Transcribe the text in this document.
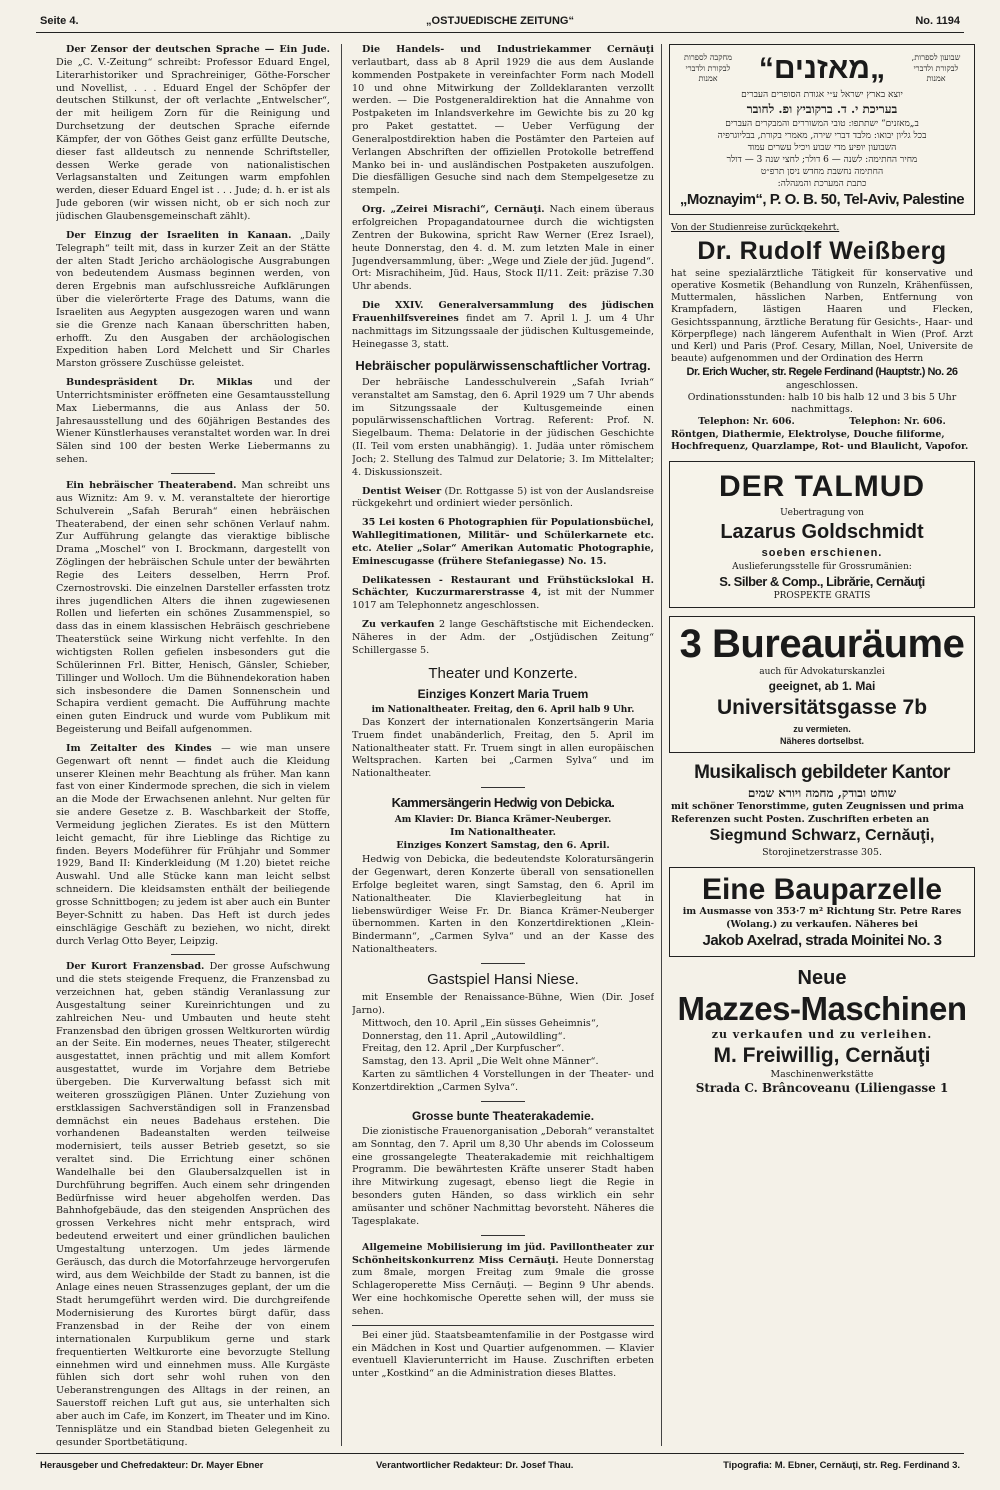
Seite 4.	„OSTJUEDISCHE ZEITUNG“	No. 1194

Der Zensor der deutschen Sprache — Ein Jude. Die „C. V.-Zeitung“ schreibt: Professor Eduard Engel, Literarhistoriker und Sprachreiniger, Göthe-Forscher und Novellist, . . . Eduard Engel der Schöpfer der deutschen Stilkunst, der oft verlachte „Entwelscher“, der mit heiligem Zorn für die Reinigung und Durchsetzung der deutschen Sprache eifernde Kämpfer, der von Göthes Geist ganz erfüllte Deutsche, dieser fast alldeutsch zu nennende Schriftsteller, dessen Werke gerade von nationalistischen Verlagsanstalten und Zeitungen warm empfohlen werden, dieser Eduard Engel ist . . . Jude; d. h. er ist als Jude geboren (wir wissen nicht, ob er sich noch zur jüdischen Glaubensgemeinschaft zählt).

Der Einzug der Israeliten in Kanaan. „Daily Telegraph“ teilt mit, dass in kurzer Zeit an der Stätte der alten Stadt Jericho archäologische Ausgrabungen von bedeutendem Ausmass beginnen werden, von deren Ergebnis man aufschlussreiche Aufklärungen über die vielerörterte Frage des Datums, wann die Israeliten aus Aegypten ausgezogen waren und wann sie die Grenze nach Kanaan überschritten haben, erhofft. Zu den Ausgaben der archäologischen Expedition haben Lord Melchett und Sir Charles Marston grössere Zuschüsse geleistet.

Bundespräsident Dr. Miklas und der Unterrichtsminister eröffneten eine Gesamtausstellung Max Liebermanns, die aus Anlass der 50. Jahresausstellung und des 60jährigen Bestandes des Wiener Künstlerhauses veranstaltet worden war. In drei Sälen sind 100 der besten Werke Liebermanns zu sehen.

Ein hebräischer Theaterabend. Man schreibt uns aus Wiznitz: Am 9. v. M. veranstaltete der hierortige Schulverein „Safah Berurah“ einen hebräischen Theaterabend, der einen sehr schönen Verlauf nahm. Zur Aufführung gelangte das vieraktige biblische Drama „Moschel“ von I. Brockmann, dargestellt von Zöglingen der hebräischen Schule unter der bewährten Regie des Leiters desselben, Herrn Prof. Czernostrovski. Die einzelnen Darsteller erfassten trotz ihres jugendlichen Alters die ihnen zugewiesenen Rollen und lieferten ein schönes Zusammenspiel, so dass das in einem klassischen Hebräisch geschriebene Theaterstück seine Wirkung nicht verfehlte. In den wichtigsten Rollen gefielen insbesonders gut die Schülerinnen Frl. Bitter, Henisch, Gänsler, Schieber, Tillinger und Wolloch. Um die Bühnendekoration haben sich insbesondere die Damen Sonnenschein und Schapira verdient gemacht. Die Aufführung machte einen guten Eindruck und wurde vom Publikum mit Begeisterung und Beifall aufgenommen.

Im Zeitalter des Kindes — wie man unsere Gegenwart oft nennt — findet auch die Kleidung unserer Kleinen mehr Beachtung als früher. Man kann fast von einer Kindermode sprechen, die sich in vielem an die Mode der Erwachsenen anlehnt. Nur gelten für sie andere Gesetze z. B. Waschbarkeit der Stoffe, Vermeidung jeglichen Zierates. Es ist den Müttern leicht gemacht, für ihre Lieblinge das Richtige zu finden. Beyers Modeführer für Frühjahr und Sommer 1929, Band II: Kinderkleidung (M 1.20) bietet reiche Auswahl. Und alle Stücke kann man leicht selbst schneidern. Die kleidsamsten enthält der beiliegende grosse Schnittbogen; zu jedem ist aber auch ein Bunter Beyer-Schnitt zu haben. Das Heft ist durch jedes einschlägige Geschäft zu beziehen, wo nicht, direkt durch Verlag Otto Beyer, Leipzig.

Der Kurort Franzensbad. Der grosse Aufschwung und die stets steigende Frequenz, die Franzensbad zu verzeichnen hat, geben ständig Veranlassung zur Ausgestaltung seiner Kureinrichtungen und zu zahlreichen Neu- und Umbauten und heute steht Franzensbad den übrigen grossen Weltkurorten würdig an der Seite. Ein modernes, neues Theater, stilgerecht ausgestattet, innen prächtig und mit allem Komfort ausgestattet, wurde im Vorjahre dem Betriebe übergeben. Die Kurverwaltung befasst sich mit weiteren grosszügigen Plänen. Unter Zuziehung von erstklassigen Sachverständigen soll in Franzensbad demnächst ein neues Badehaus erstehen. Die vorhandenen Badeanstalten werden teilweise modernisiert, teils ausser Betrieb gesetzt, so sie veraltet sind. Die Errichtung einer schönen Wandelhalle bei den Glaubersalzquellen ist in Durchführung begriffen. Auch einem sehr dringenden Bedürfnisse wird heuer abgeholfen werden. Das Bahnhofgebäude, das den steigenden Ansprüchen des grossen Verkehres nicht mehr entsprach, wird bedeutend erweitert und einer gründlichen baulichen Umgestaltung unterzogen. Um jedes lärmende Geräusch, das durch die Motorfahrzeuge hervorgerufen wird, aus dem Weichbilde der Stadt zu bannen, ist die Anlage eines neuen Strassenzuges geplant, der um die Stadt herumgeführt werden wird. Die durchgreifende Modernisierung des Kurortes bürgt dafür, dass Franzensbad in der Reihe der von einem internationalen Kurpublikum gerne und stark frequentierten Weltkurorte eine bevorzugte Stellung einnehmen wird und einnehmen muss. Alle Kurgäste fühlen sich dort sehr wohl ruhen von den Ueberanstrengungen des Alltags in der reinen, an Sauerstoff reichen Luft gut aus, sie unterhalten sich aber auch im Cafe, im Konzert, im Theater und im Kino. Tennisplätze und ein Standbad bieten Gelegenheit zu gesunder Sportbetätigung.

Die Handels- und Industriekammer Cernăuţi verlautbart, dass ab 8 April 1929 die aus dem Auslande kommenden Postpakete in vereinfachter Form nach Modell 10 und ohne Mitwirkung der Zolldeklaranten verzollt werden. — Die Postgeneraldirektion hat die Annahme von Postpaketen im Inlandsverkehre im Gewichte bis zu 20 kg pro Paket gestattet. — Ueber Verfügung der Generalpostdirektion haben die Postämter den Parteien auf Verlangen Abschriften der offiziellen Protokolle betreffend Manko bei in- und ausländischen Postpaketen auszufolgen. Die diesfälligen Gesuche sind nach dem Stempelgesetze zu stempeln.

Org. „Zeirei Misrachi“, Cernăuţi. Nach einem überaus erfolgreichen Propagandatournee durch die wichtigsten Zentren der Bukowina, spricht Raw Werner (Erez Israel), heute Donnerstag, den 4. d. M. zum letzten Male in einer Jugendversammlung, über: „Wege und Ziele der jüd. Jugend“. Ort: Misrachiheim, Jüd. Haus, Stock II/11. Zeit: präzise 7.30 Uhr abends.

Die XXIV. Generalversammlung des jüdischen Frauenhilfsvereines findet am 7. April l. J. um 4 Uhr nachmittags im Sitzungssaale der jüdischen Kultusgemeinde, Heinegasse 3, statt.

Hebräischer populärwissenschaftlicher Vortrag.

Der hebräische Landesschulverein „Safah Ivriah“ veranstaltet am Samstag, den 6. April 1929 um 7 Uhr abends im Sitzungssaale der Kultusgemeinde einen populärwissenschaftlichen Vortrag. Referent: Prof. N. Siegelbaum. Thema: Delatorie in der jüdischen Geschichte (II. Teil vom ersten unabhängig). 1. Judäa unter römischem Joch; 2. Stellung des Talmud zur Delatorie; 3. Im Mittelalter; 4. Diskussionszeit.

Dentist Weiser (Dr. Rottgasse 5) ist von der Auslandsreise rückgekehrt und ordiniert wieder persönlich.

35 Lei kosten 6 Photographien für Populationsbüchel, Wahllegitimationen, Militär- und Schülerkarnete etc. etc. Atelier „Solar“ Amerikan Automatic Photographie, Eminescugasse (frühere Stefaniegasse) No. 15.

Delikatessen - Restaurant und Frühstückslokal H. Schächter, Kuczurmarerstrasse 4, ist mit der Nummer 1017 am Telephonnetz angeschlossen.

Zu verkaufen 2 lange Geschäftstische mit Eichendecken. Näheres in der Adm. der „Ostjüdischen Zeitung“ Schillergasse 5.

Theater und Konzerte.
Einziges Konzert Maria Truem
im Nationaltheater. Freitag, den 6. April halb 9 Uhr.

Das Konzert der internationalen Konzertsängerin Maria Truem findet unabänderlich, Freitag, den 5. April im Nationaltheater statt. Fr. Truem singt in allen europäischen Weltsprachen. Karten bei „Carmen Sylva“ und im Nationaltheater.

Kammersängerin Hedwig von Debicka.
Am Klavier: Dr. Bianca Krämer-Neuberger.
Im Nationaltheater.
Einziges Konzert Samstag, den 6. April.

Hedwig von Debicka, die bedeutendste Koloratursängerin der Gegenwart, deren Konzerte überall von sensationellen Erfolge begleitet waren, singt Samstag, den 6. April im Nationaltheater. Die Klavierbegleitung hat in liebenswürdiger Weise Fr. Dr. Bianca Krämer-Neuberger übernommen. Karten in den Konzertdirektionen „Klein-Bindermann“, „Carmen Sylva“ und an der Kasse des Nationaltheaters.

Gastspiel Hansi Niese.

mit Ensemble der Renaissance-Bühne, Wien (Dir. Josef Jarno).

Mittwoch, den 10. April „Ein süsses Geheimnis“,

Donnerstag, den 11. April „Autowildling“.

Freitag, den 12. April „Der Kurpfuscher“.

Samstag, den 13. April „Die Welt ohne Männer“.

Karten zu sämtlichen 4 Vorstellungen in der Theater- und Konzertdirektion „Carmen Sylva“.

Grosse bunte Theaterakademie.

Die zionistische Frauenorganisation „Deborah“ veranstaltet am Sonntag, den 7. April um 8,30 Uhr abends im Colosseum eine grossangelegte Theaterakademie mit reichhaltigem Programm. Die bewährtesten Kräfte unserer Stadt haben ihre Mitwirkung zugesagt, ebenso liegt die Regie in besonders guten Händen, so dass wirklich ein sehr amüsanter und schöner Nachmittag bevorsteht. Näheres die Tagesplakate.

Allgemeine Mobilisierung im jüd. Pavillontheater zur Schönheitskonkurrenz Miss Cernăuţi. Heute Donnerstag zum 8male, morgen Freitag zum 9male die grosse Schlageroperette Miss Cernăuţi. — Beginn 9 Uhr abends. Wer eine hochkomische Operette sehen will, der muss sie sehen.

Bei einer jüd. Staatsbeamtenfamilie in der Postgasse wird ein Mädchen in Kost und Quartier aufgenommen. — Klavier eventuell Klavierunterricht im Hause. Zuschriften erbeten unter „Kostkind“ an die Administration dieses Blattes.

מחקבה לספרות לבקורת ולדברי אמנות	„מאזנים“	שבועון לספרות, לבקורת ולדברי אמנות
יוצא בארץ ישראל ע״י אגודת הסופרים העברים
בעריכת י. ד. ברקוביץ ופ. לחובר
ב„מאזנים“ ישתתפו: טובי המשוררים והמבקרים העברים
בכל גליון יבואו: מלבד דברי שירה, מאמרי בקורת, בבליוגרפיה
השבועון יופיע מדי שבוע ויכיל עשרים עמוד
מחיר החתימה: לשנה — 6 דולר; לחצי שנה 3 — דולר
החתימה נחשבת מחדש ניסן תרפ״ט
כתבת המערכת והמנהלה:
„Moznayim“, P. O. B. 50, Tel-Aviv, Palestine
Von der Studienreise zurückgekehrt.
Dr. Rudolf Weißberg
hat seine spezialärztliche Tätigkeit für konservative und operative Kosmetik (Behandlung von Runzeln, Krähenfüssen, Muttermalen, hässlichen Narben, Entfernung von Krampfadern, lästigen Haaren und Flecken, Gesichtsspannung, ärztliche Beratung für Gesichts-, Haar- und Körperpflege) nach längerem Aufenthalt in Wien (Prof. Arzt und Kerl) und Paris (Prof. Cesary, Millan, Noel, Universite de beaute) aufgenommen und der Ordination des Herrn
Dr. Erich Wucher, str. Regele Ferdinand (Hauptstr.) No. 26
angeschlossen.
Ordinationsstunden: halb 10 bis halb 12 und 3 bis 5 Uhr nachmittags.
Telephon: Nr. 606.	Telephon: Nr. 606.
Röntgen, Diathermie, Elektrolyse, Douche filiforme, Hochfrequenz, Quarzlampe, Rot- und Blaulicht, Vapofor.
DER TALMUD
Uebertragung von
Lazarus Goldschmidt
soeben erschienen.
Auslieferungsstelle für Grossrumänien:
S. Silber & Comp., Librărie, Cernăuţi
PROSPEKTE GRATIS
3 Bureauräume
auch für Advokaturskanzlei
geeignet, ab 1. Mai
Universitätsgasse 7b
zu vermieten.
Näheres dortselbst.
Musikalisch gebildeter Kantor
שוחט ובודק, מחמה ויורא שמים
mit schöner Tenorstimme, guten Zeugnissen und prima Referenzen sucht Posten. Zuschriften erbeten an
Siegmund Schwarz, Cernăuţi,
Storojinetzerstrasse 305.
Eine Bauparzelle
im Ausmasse von 353·7 m² Richtung Str. Petre Rares (Wolang.) zu verkaufen. Näheres bei
Jakob Axelrad, strada Moinitei No. 3
Neue
Mazzes-Maschinen
zu verkaufen und zu verleihen.
M. Freiwillig, Cernăuţi
Maschinenwerkstätte
Strada C. Brâncoveanu (Liliengasse 1
Herausgeber und Chefredakteur: Dr. Mayer Ebner	Verantwortlicher Redakteur: Dr. Josef Thau.	Tipografia: M. Ebner, Cernăuţi, str. Reg. Ferdinand 3.
